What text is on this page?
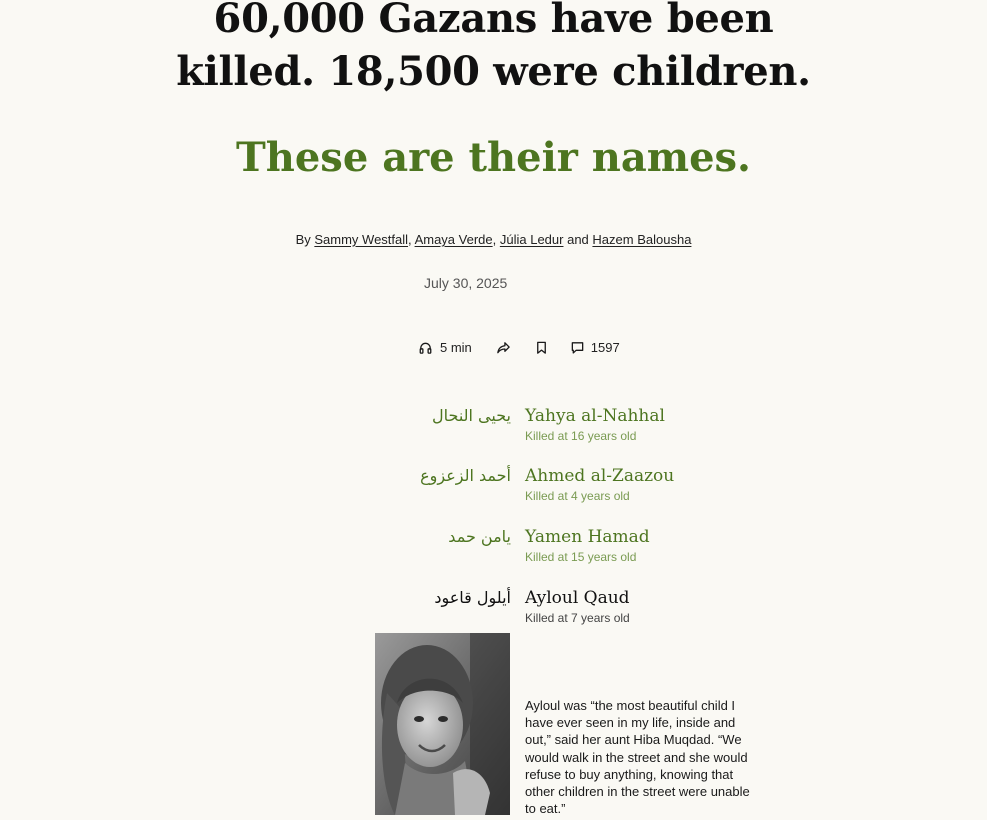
60,000 Gazans have been
killed. 18,500 were children.
These are their names.
By Sammy Westfall, Amaya Verde, Júlia Ledur and Hazem Balousha
July 30, 2025
5 min	1597
يحيى النحال Yahya al-Nahhal
Killed at 16 years old
أحمد الزعزوع Ahmed al-Zaazou
Killed at 4 years old
يامن حمد Yamen Hamad
Killed at 15 years old
أيلول قاعود Ayloul Qaud
Killed at 7 years old
Ayloul was “the most beautiful child I have ever seen in my life, inside and out,” said her aunt Hiba Muqdad. “We would walk in the street and she would refuse to buy anything, knowing that other children in the street were unable to eat.”
